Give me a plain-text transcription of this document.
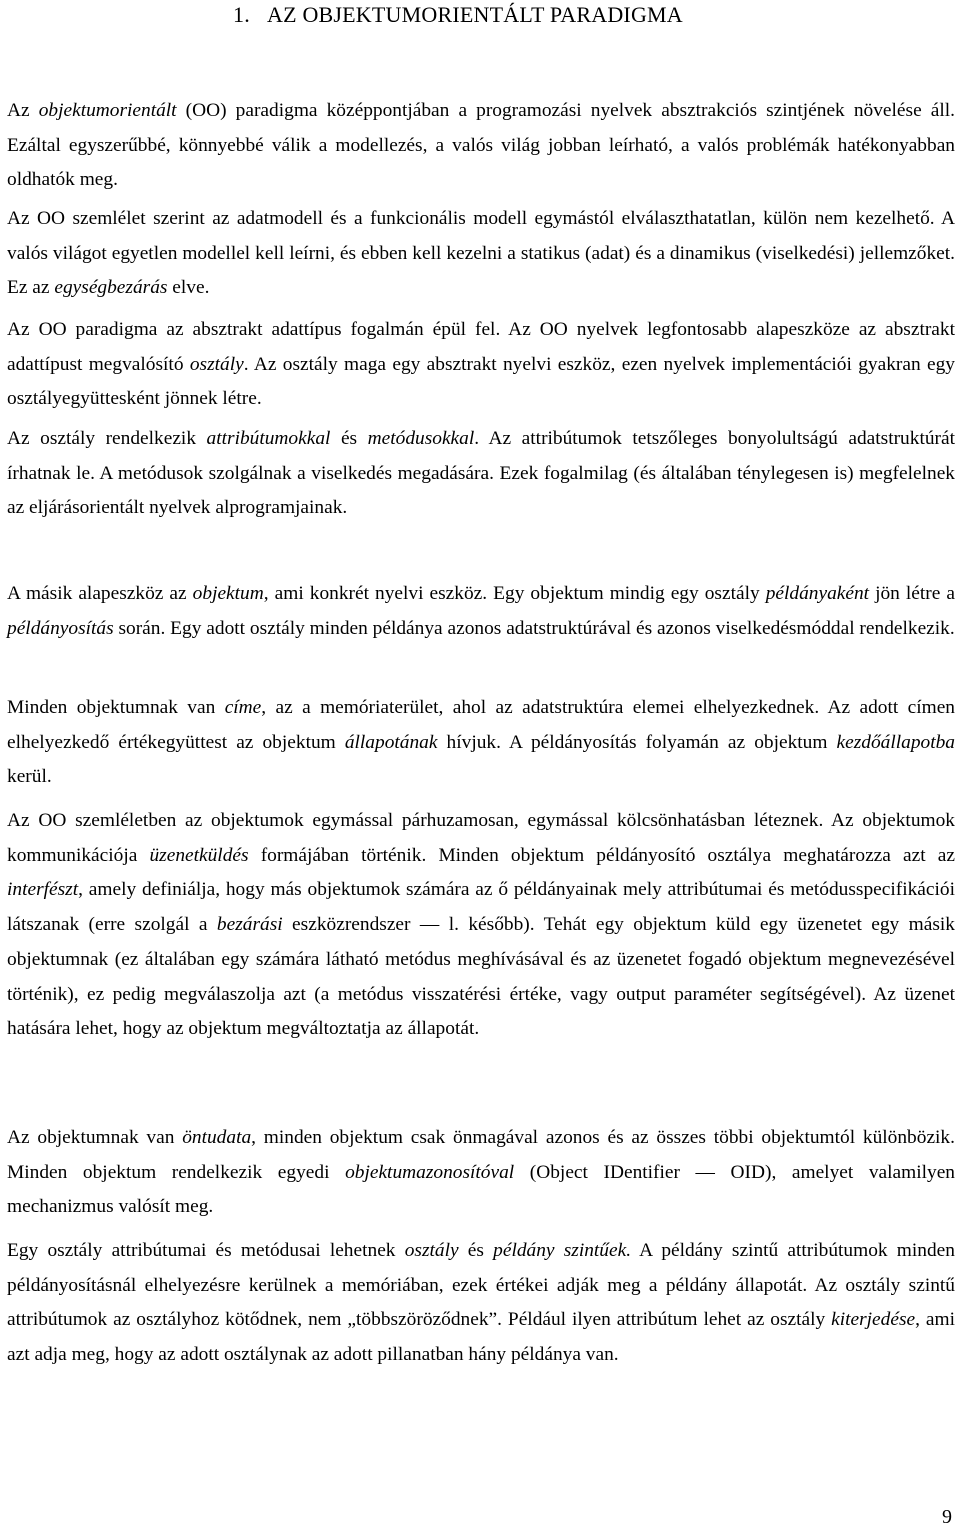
1. AZ OBJEKTUMORIENTÁLT PARADIGMA

Az objektumorientált (OO) paradigma középpontjában a programozási nyelvek absztrakciós szintjének növelése áll. Ezáltal egyszerűbbé, könnyebbé válik a modellezés, a valós világ jobban leírható, a valós problémák hatékonyabban oldhatók meg.

Az OO szemlélet szerint az adatmodell és a funkcionális modell egymástól elválaszthatatlan, külön nem kezelhető. A valós világot egyetlen modellel kell leírni, és ebben kell kezelni a statikus (adat) és a dinamikus (viselkedési) jellemzőket. Ez az egységbezárás elve.

Az OO paradigma az absztrakt adattípus fogalmán épül fel. Az OO nyelvek legfontosabb alapeszköze az absztrakt adattípust megvalósító osztály. Az osztály maga egy absztrakt nyelvi eszköz, ezen nyelvek implementációi gyakran egy osztályegyüttesként jönnek létre.

Az osztály rendelkezik attribútumokkal és metódusokkal. Az attribútumok tetszőleges bonyolultságú adatstruktúrát írhatnak le. A metódusok szolgálnak a viselkedés megadására. Ezek fogalmilag (és általában ténylegesen is) megfelelnek az eljárásorientált nyelvek alprogramjainak.

A másik alapeszköz az objektum, ami konkrét nyelvi eszköz. Egy objektum mindig egy osztály példányaként jön létre a példányosítás során. Egy adott osztály minden példánya azonos adatstruktúrával és azonos viselkedésmóddal rendelkezik.

Minden objektumnak van címe, az a memóriaterület, ahol az adatstruktúra elemei elhelyezkednek. Az adott címen elhelyezkedő értékegyüttest az objektum állapotának hívjuk. A példányosítás folyamán az objektum kezdőállapotba kerül.

Az OO szemléletben az objektumok egymással párhuzamosan, egymással kölcsönhatásban léteznek. Az objektumok kommunikációja üzenetküldés formájában történik. Minden objektum példányosító osztálya meghatározza azt az interfészt, amely definiálja, hogy más objektumok számára az ő példányainak mely attribútumai és metódusspecifikációi látszanak (erre szolgál a bezárási eszközrendszer — l. később). Tehát egy objektum küld egy üzenetet egy másik objektumnak (ez általában egy számára látható metódus meghívásával és az üzenetet fogadó objektum megnevezésével történik), ez pedig megválaszolja azt (a metódus visszatérési értéke, vagy output paraméter segítségével). Az üzenet hatására lehet, hogy az objektum megváltoztatja az állapotát.

Az objektumnak van öntudata, minden objektum csak önmagával azonos és az összes többi objektumtól különbözik. Minden objektum rendelkezik egyedi objektumazonosítóval (Object IDentifier — OID), amelyet valamilyen mechanizmus valósít meg.

Egy osztály attribútumai és metódusai lehetnek osztály és példány szintűek. A példány szintű attribútumok minden példányosításnál elhelyezésre kerülnek a memóriában, ezek értékei adják meg a példány állapotát. Az osztály szintű attribútumok az osztályhoz kötődnek, nem „többszöröződnek”. Például ilyen attribútum lehet az osztály kiterjedése, ami azt adja meg, hogy az adott osztálynak az adott pillanatban hány példánya van.

9
